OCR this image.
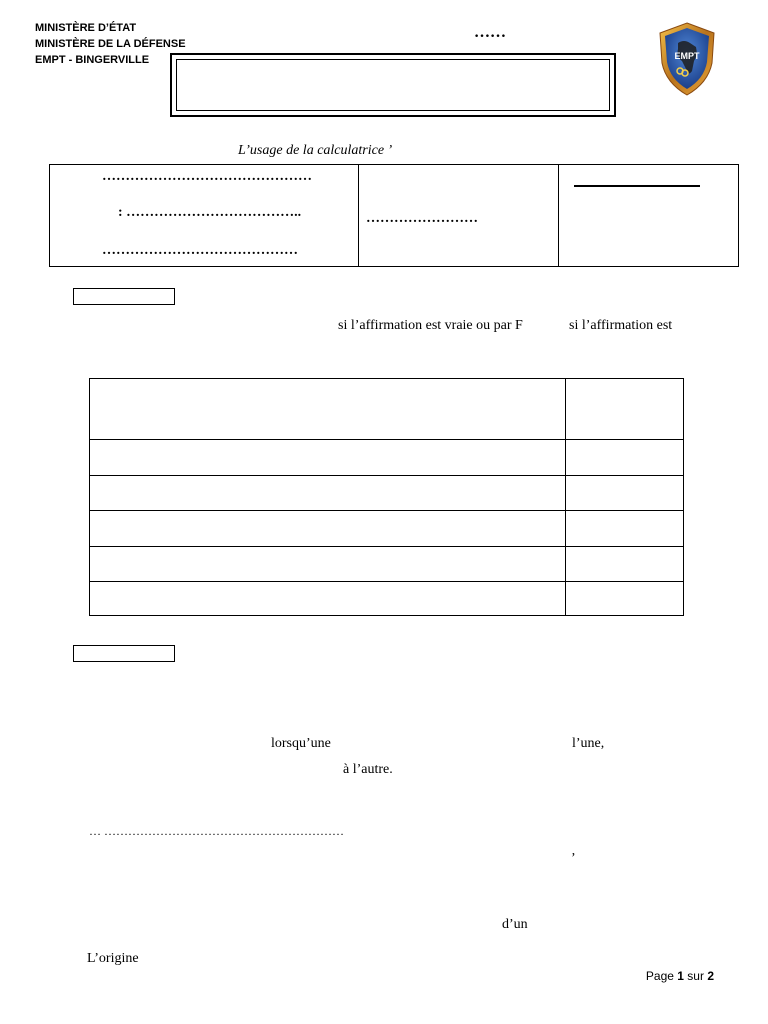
MINISTÈRE D’ÉTAT
MINISTÈRE DE LA DÉFENSE
EMPT - BINGERVILLE
……
EMPT
L’usage de la calculatrice ’
………………………………………
: ………………………………..
……………………………………
……………………
si l’affirmation est vraie ou par F	si l’affirmation est
lorsqu’une	l’une,
à l’autre.
… ……………………………………………………
’
d’un
L’origine
Page 1 sur 2
